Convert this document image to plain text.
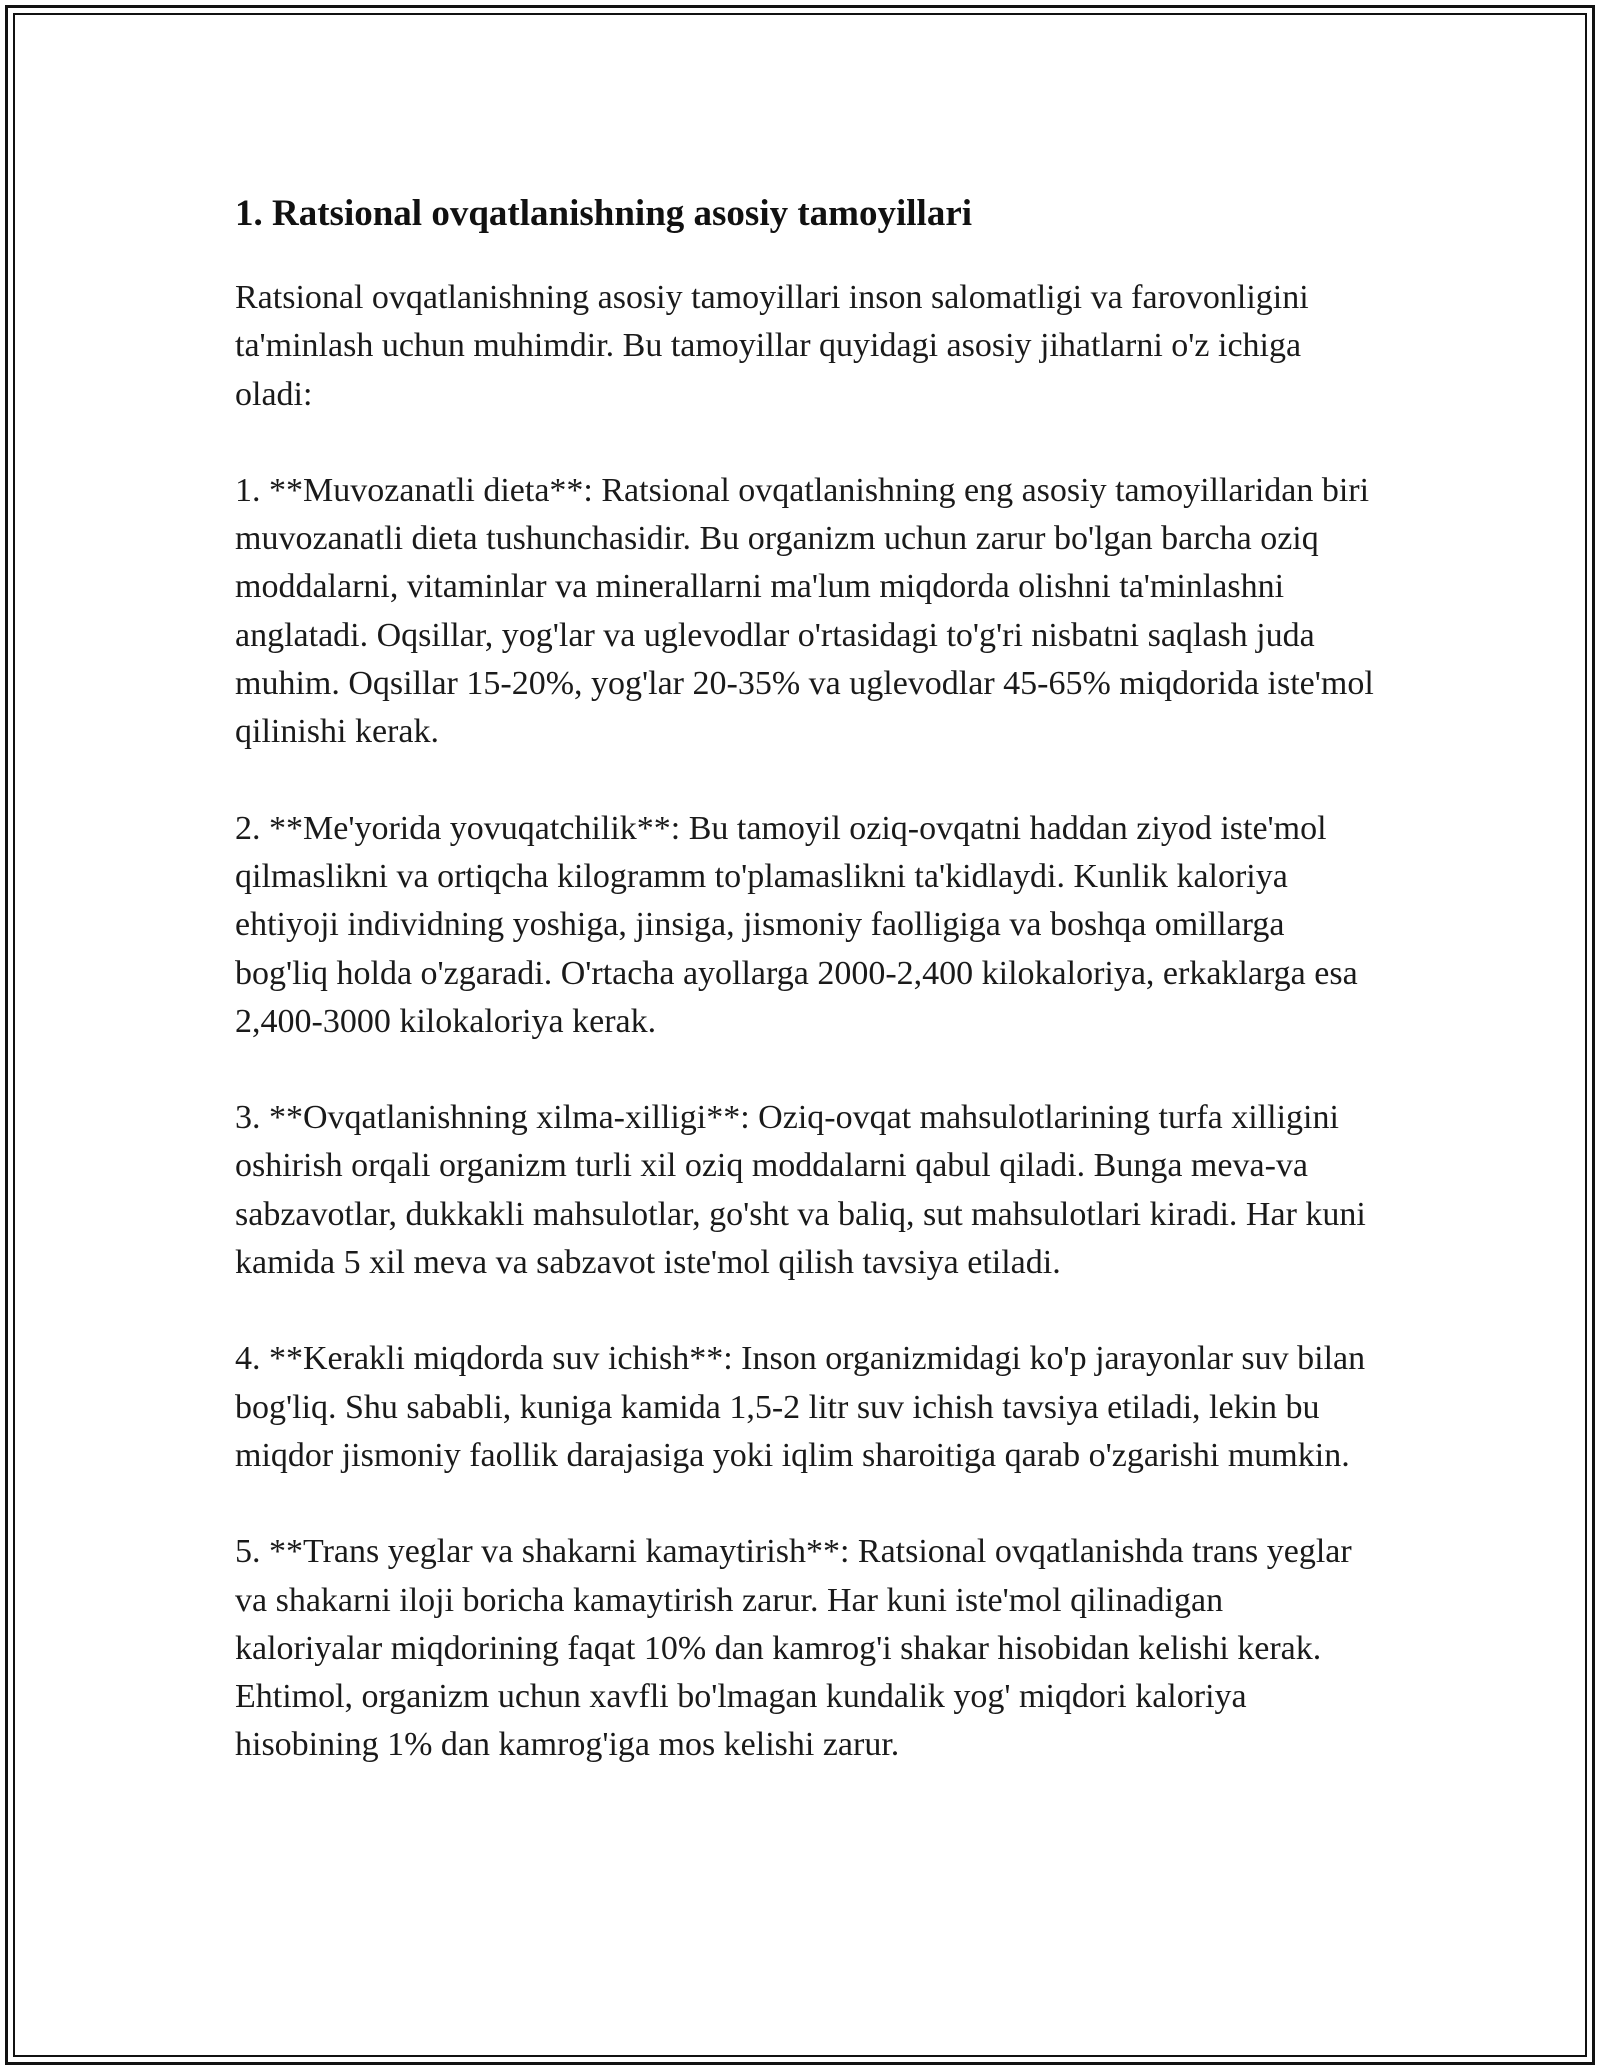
1. Ratsional ovqatlanishning asosiy tamoyillari

Ratsional ovqatlanishning asosiy tamoyillari inson salomatligi va farovonligini ta'minlash uchun muhimdir. Bu tamoyillar quyidagi asosiy jihatlarni o'z ichiga oladi:

1. **Muvozanatli dieta**: Ratsional ovqatlanishning eng asosiy tamoyillaridan biri muvozanatli dieta tushunchasidir. Bu organizm uchun zarur bo'lgan barcha oziq moddalarni, vitaminlar va minerallarni ma'lum miqdorda olishni ta'minlashni anglatadi. Oqsillar, yog'lar va uglevodlar o'rtasidagi to'g'ri nisbatni saqlash juda muhim. Oqsillar 15-20%, yog'lar 20-35% va uglevodlar 45-65% miqdorida iste'mol qilinishi kerak.

2. **Me'yorida yovuqatchilik**: Bu tamoyil oziq-ovqatni haddan ziyod iste'mol qilmaslikni va ortiqcha kilogramm to'plamaslikni ta'kidlaydi. Kunlik kaloriya ehtiyoji individning yoshiga, jinsiga, jismoniy faolligiga va boshqa omillarga bog'liq holda o'zgaradi. O'rtacha ayollarga 2000-2,400 kilokaloriya, erkaklarga esa 2,400-3000 kilokaloriya kerak.

3. **Ovqatlanishning xilma-xilligi**: Oziq-ovqat mahsulotlarining turfa xilligini oshirish orqali organizm turli xil oziq moddalarni qabul qiladi. Bunga meva-va sabzavotlar, dukkakli mahsulotlar, go'sht va baliq, sut mahsulotlari kiradi. Har kuni kamida 5 xil meva va sabzavot iste'mol qilish tavsiya etiladi.

4. **Kerakli miqdorda suv ichish**: Inson organizmidagi ko'p jarayonlar suv bilan bog'liq. Shu sababli, kuniga kamida 1,5-2 litr suv ichish tavsiya etiladi, lekin bu miqdor jismoniy faollik darajasiga yoki iqlim sharoitiga qarab o'zgarishi mumkin.

5. **Trans yeglar va shakarni kamaytirish**: Ratsional ovqatlanishda trans yeglar va shakarni iloji boricha kamaytirish zarur. Har kuni iste'mol qilinadigan kaloriyalar miqdorining faqat 10% dan kamrog'i shakar hisobidan kelishi kerak. Ehtimol, organizm uchun xavfli bo'lmagan kundalik yog' miqdori kaloriya hisobining 1% dan kamrog'iga mos kelishi zarur.
